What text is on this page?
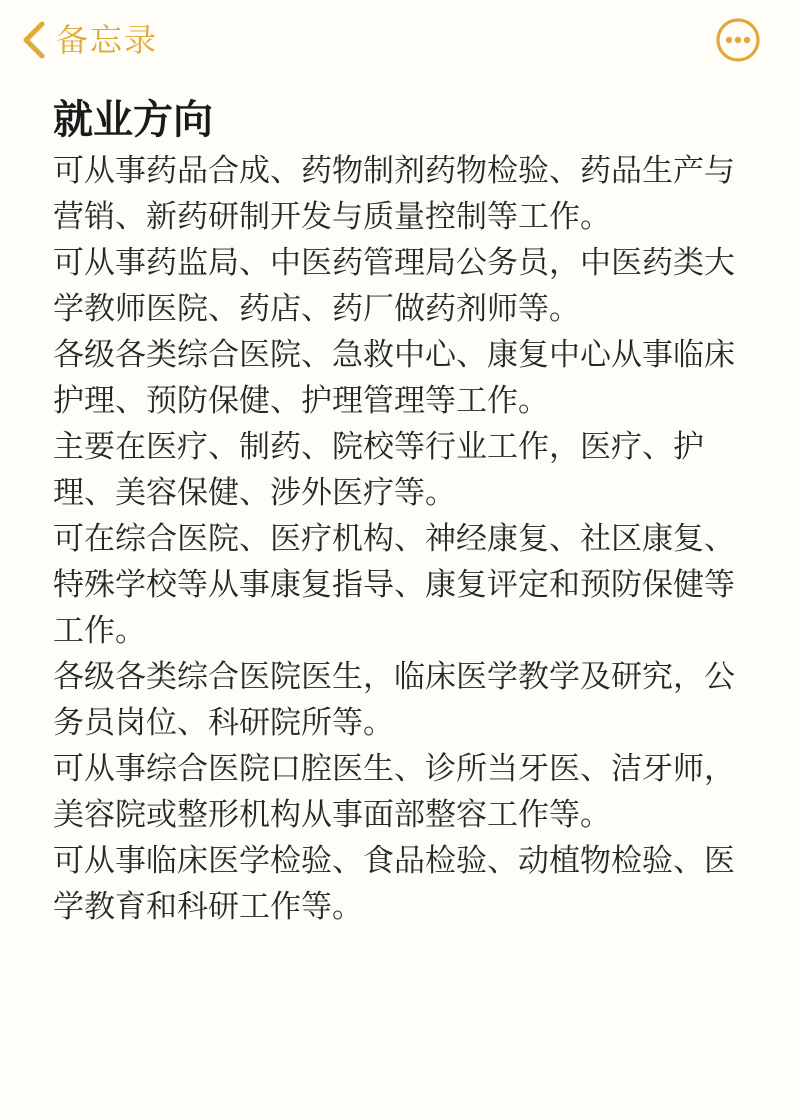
备忘录
就业方向

可从事药品合成、药物制剂药物检验、药品生产与营销、新药研制开发与质量控制等工作。

可从事药监局、中医药管理局公务员，中医药类大学教师医院、药店、药厂做药剂师等。

各级各类综合医院、急救中心、康复中心从事临床护理、预防保健、护理管理等工作。

主要在医疗、制药、院校等行业工作，医疗、护理、美容保健、涉外医疗等。

可在综合医院、医疗机构、神经康复、社区康复、特殊学校等从事康复指导、康复评定和预防保健等工作。

各级各类综合医院医生，临床医学教学及研究，公务员岗位、科研院所等。

可从事综合医院口腔医生、诊所当牙医、洁牙师，美容院或整形机构从事面部整容工作等。

可从事临床医学检验、食品检验、动植物检验、医学教育和科研工作等。
